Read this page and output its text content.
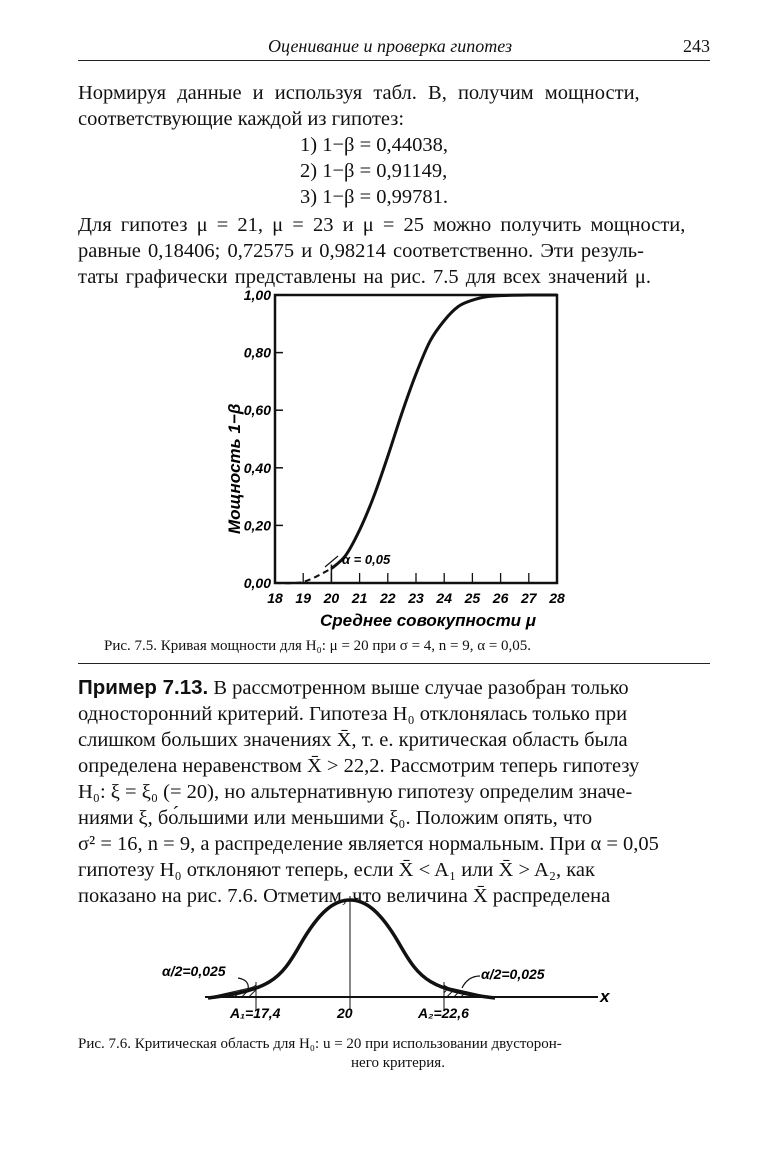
Оценивание и проверка гипотез	243
Нормируя данные и используя табл. В, получим мощности,
соответствующие каждой из гипотез:
1) 1−β = 0,44038,
2) 1−β = 0,91149,
3) 1−β = 0,99781.
Для гипотез μ = 21, μ = 23 и μ = 25 можно получить мощности,
равные 0,18406; 0,72575 и 0,98214 соответственно. Эти резуль-
таты графически представлены на рис. 7.5 для всех значений μ.
0,00
0,20
0,40
0,60
0,80
1,00
18 19 20 21 22 23 24 25 26 27 28
α = 0,05
Среднее совокупности μ
Мощность 1−β
Рис. 7.5. Кривая мощности для H₀: μ = 20 при σ = 4, n = 9, α = 0,05.
Пример 7.13. В рассмотренном выше случае разобран только
односторонний критерий. Гипотеза H₀ отклонялась только при
слишком больших значениях X̄, т. е. критическая область была
определена неравенством X̄ > 22,2. Рассмотрим теперь гипотезу
H₀: ξ = ξ₀ (= 20), но альтернативную гипотезу определим значе-
ниями ξ, бо́льшими или меньшими ξ₀. Положим опять, что
σ² = 16, n = 9, а распределение является нормальным. При α = 0,05
гипотезу H₀ отклоняют теперь, если X̄ < A₁ или X̄ > A₂, как
показано на рис. 7.6. Отметим, что величина X̄ распределена
α/2=0,025	α/2=0,025
A₁=17,4	20	A₂=22,6
x
Рис. 7.6. Критическая область для H₀: u = 20 при использовании двусторон-
него критерия.
